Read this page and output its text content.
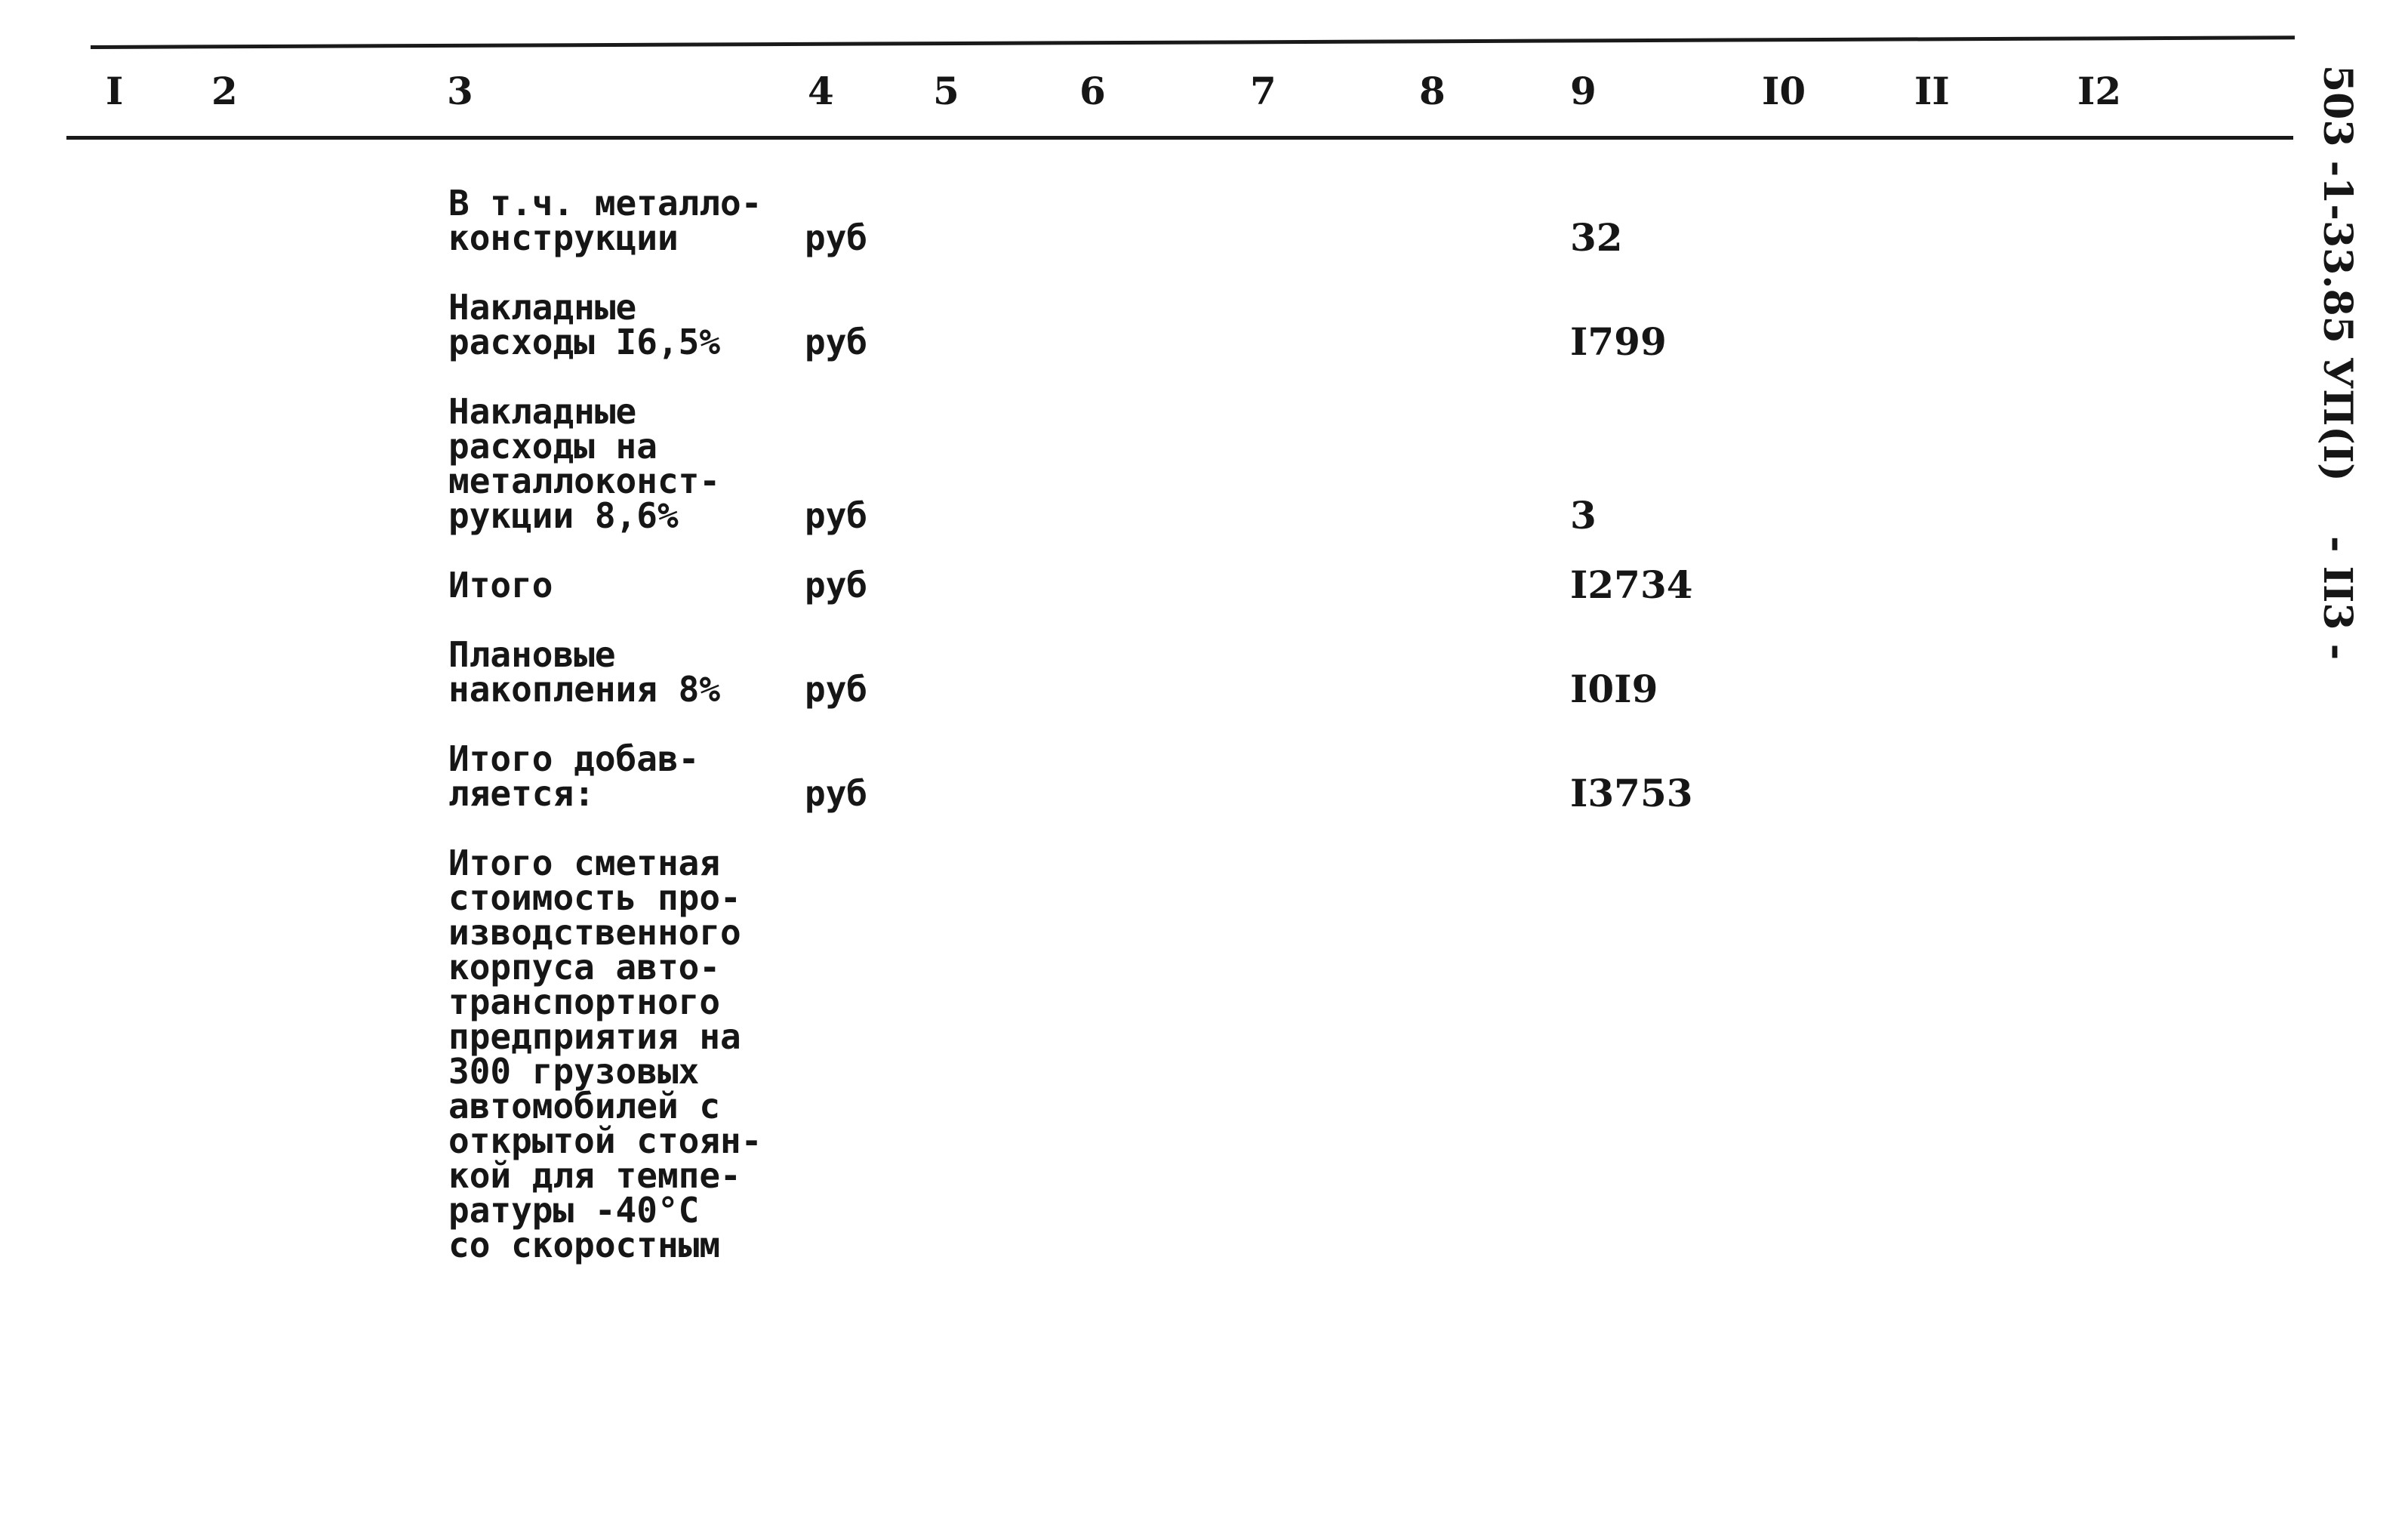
I 2	3	4	5	6	7	8	9	I0	II	I2
В т.ч. металло-
конструкции	руб	32
Накладные
расходы I6,5%	руб	I799
Накладные
расходы на
металлоконст-
рукции 8,6%	руб	3
Итого	руб	I2734
Плановые
накопления 8%	руб	I0I9
Итого добав-
ляется:	руб	I3753
Итого сметная
стоимость про-
изводственного
корпуса авто-
транспортного
предприятия на
300 грузовых
автомобилей с
открытой стоян-
кой для темпе-
ратуры -40°С
со скоростным
503 -1-33.85 УП(I)
- II3 -
